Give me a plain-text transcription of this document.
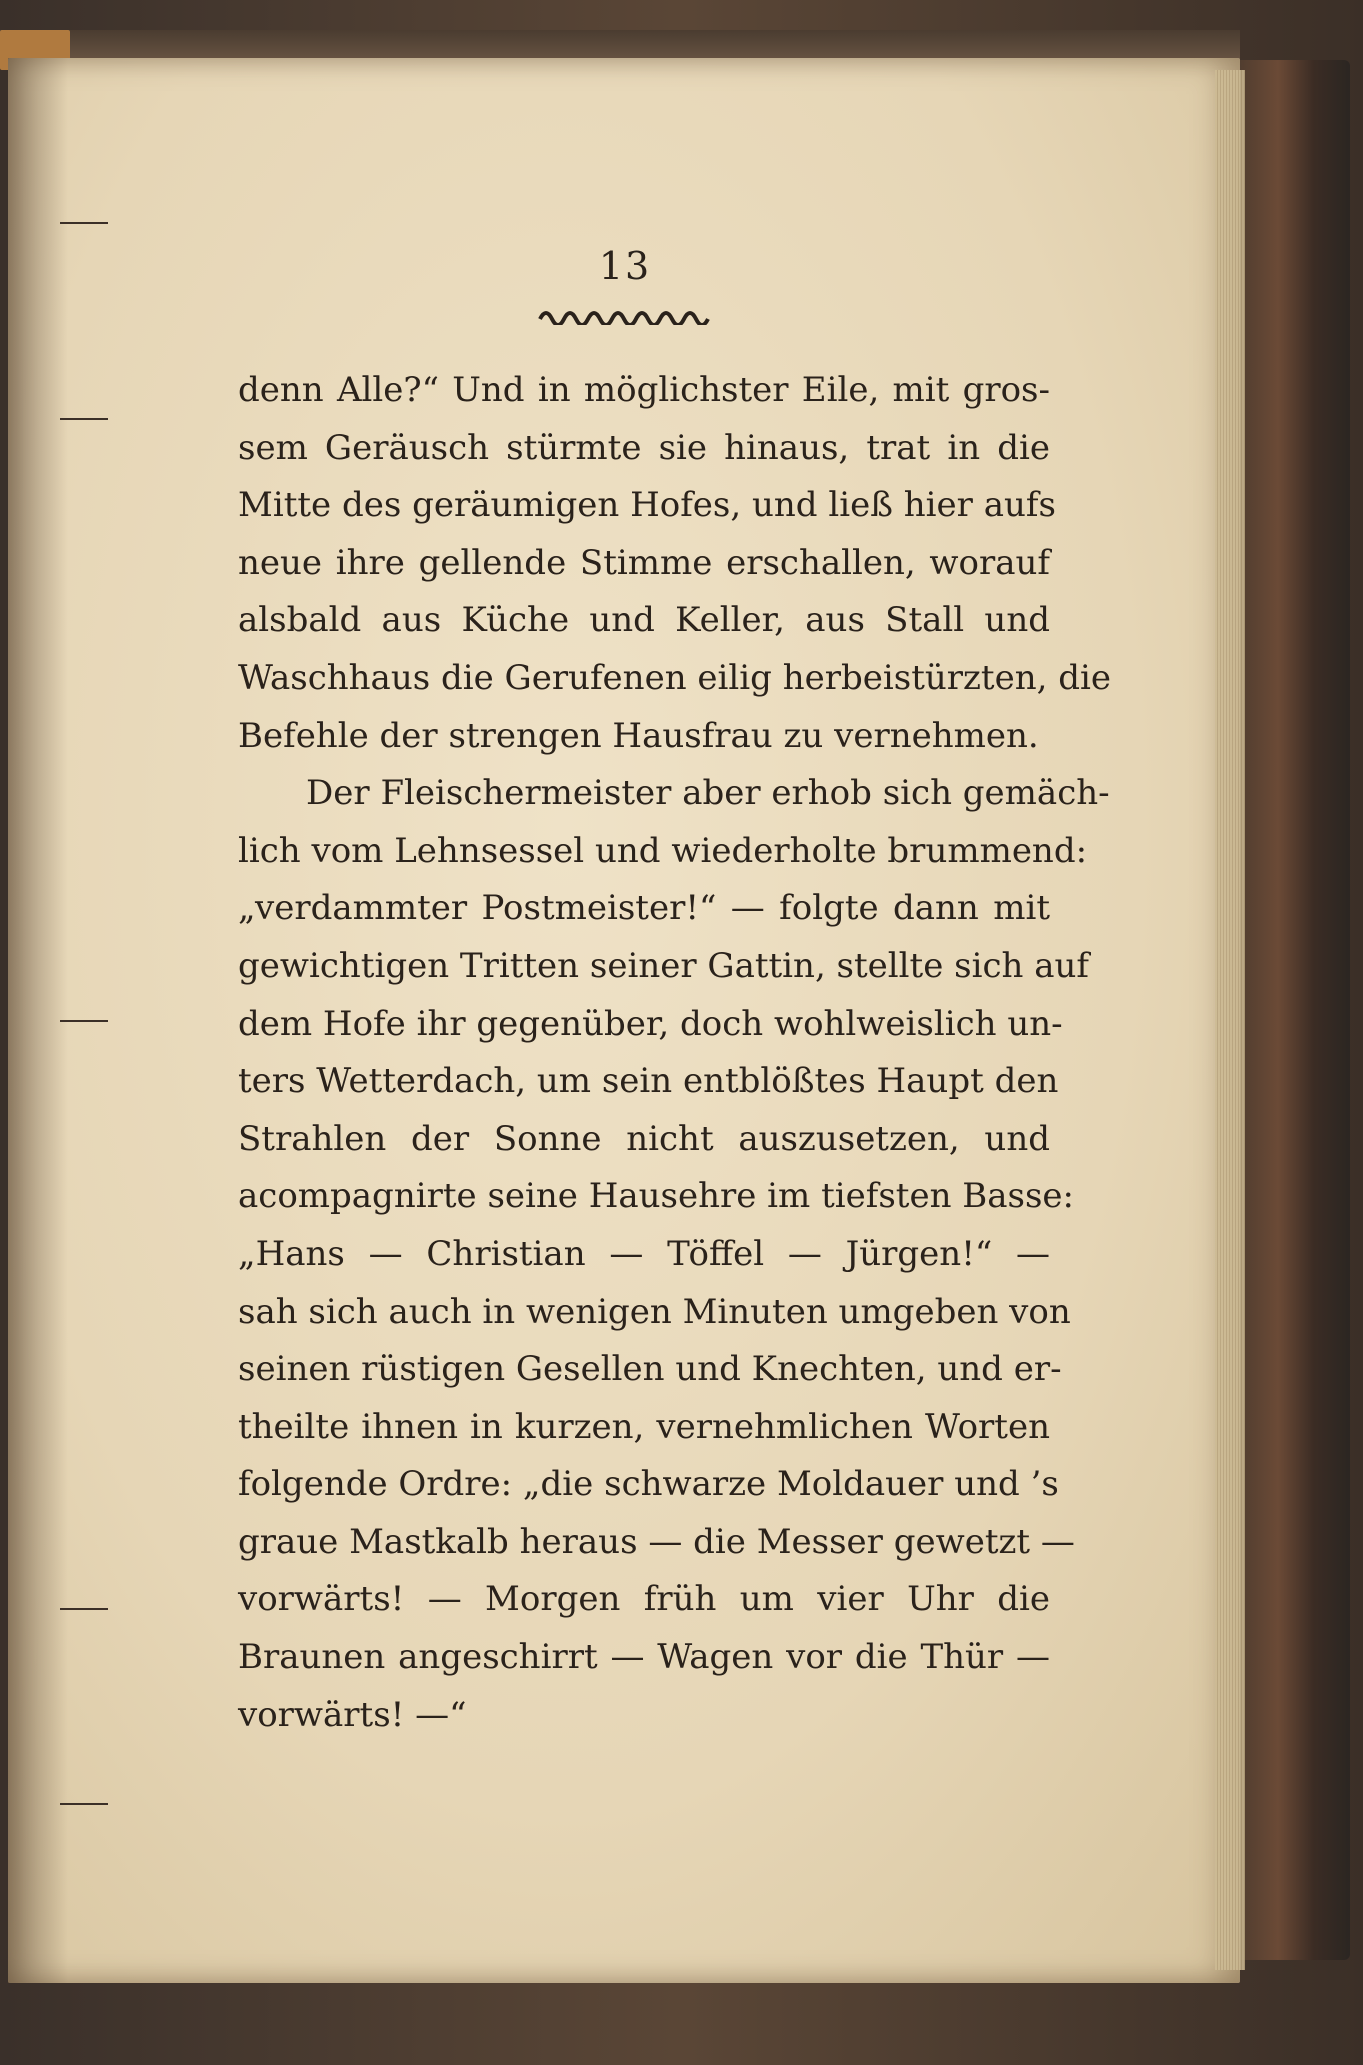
13
denn Alle?“ Und in möglichster Eile, mit gros-
sem Geräusch stürmte sie hinaus, trat in die
Mitte des geräumigen Hofes, und ließ hier aufs
neue ihre gellende Stimme erschallen, worauf
alsbald aus Küche und Keller, aus Stall und
Waschhaus die Gerufenen eilig herbeistürzten, die
Befehle der strengen Hausfrau zu vernehmen.
Der Fleischermeister aber erhob sich gemäch-
lich vom Lehnsessel und wiederholte brummend:
„verdammter Postmeister!“ — folgte dann mit
gewichtigen Tritten seiner Gattin, stellte sich auf
dem Hofe ihr gegenüber, doch wohlweislich un-
ters Wetterdach, um sein entblößtes Haupt den
Strahlen der Sonne nicht auszusetzen, und
acompagnirte seine Hausehre im tiefsten Basse:
„Hans — Christian — Töffel — Jürgen!“ —
sah sich auch in wenigen Minuten umgeben von
seinen rüstigen Gesellen und Knechten, und er-
theilte ihnen in kurzen, vernehmlichen Worten
folgende Ordre: „die schwarze Moldauer und ’s
graue Mastkalb heraus — die Messer gewetzt —
vorwärts! — Morgen früh um vier Uhr die
Braunen angeschirrt — Wagen vor die Thür —
vorwärts! —“
